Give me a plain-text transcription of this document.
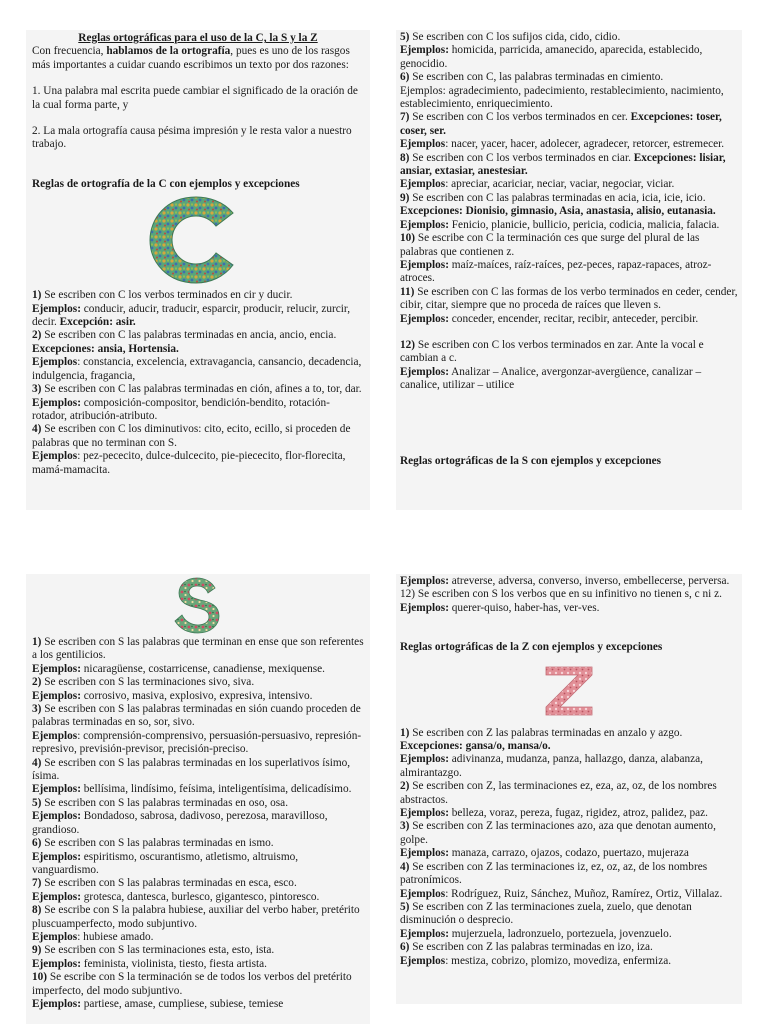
Reglas ortográficas para el uso de la C, la S y la Z

Con frecuencia, hablamos de la ortografía, pues es uno de los rasgos más importantes a cuidar cuando escribimos un texto por dos razones:

1. Una palabra mal escrita puede cambiar el significado de la oración de la cual forma parte, y

2. La mala ortografía causa pésima impresión y le resta valor a nuestro trabajo.

Reglas de ortografía de la C con ejemplos y excepciones

1) Se escriben con C los verbos terminados en cir y ducir.

Ejemplos: conducir, aducir, traducir, esparcir, producir, relucir, zurcir, decir. Excepción: asir.

2) Se escriben con C las palabras terminadas en ancia, ancio, encia. Excepciones: ansia, Hortensia.

Ejemplos: constancia, excelencia, extravagancia, cansancio, decadencia, indulgencia, fragancia,

3) Se escriben con C las palabras terminadas en ción, afines a to, tor, dar.

Ejemplos: composición-compositor, bendición-bendito, rotación-rotador, atribución-atributo.

4) Se escriben con C los diminutivos: cito, ecito, ecillo, si proceden de palabras que no terminan con S.

Ejemplos: pez-pececito, dulce-dulcecito, pie-piececito, flor-florecita, mamá-mamacita.

5) Se escriben con C los sufijos cida, cido, cidio.

Ejemplos: homicida, parricida, amanecido, aparecida, establecido, genocidio.

6) Se escriben con C, las palabras terminadas en cimiento.

Ejemplos: agradecimiento, padecimiento, restablecimiento, nacimiento, establecimiento, enriquecimiento.

7) Se escriben con C los verbos terminados en cer. Excepciones: toser, coser, ser.

Ejemplos: nacer, yacer, hacer, adolecer, agradecer, retorcer, estremecer.

8) Se escriben con C los verbos terminados en ciar. Excepciones: lisiar, ansiar, extasiar, anestesiar.

Ejemplos: apreciar, acariciar, neciar, vaciar, negociar, viciar.

9) Se escriben con C las palabras terminadas en acia, icia, icie, icio. Excepciones: Dionisio, gimnasio, Asia, anastasia, alisio, eutanasia.

Ejemplos: Fenicio, planicie, bullicio, pericia, codicia, malicia, falacia.

10) Se escribe con C la terminación ces que surge del plural de las palabras que contienen z.

Ejemplos: maíz-maíces, raíz-raíces, pez-peces, rapaz-rapaces, atroz-atroces.

11) Se escriben con C las formas de los verbo terminados en ceder, cender, cibir, citar, siempre que no proceda de raíces que lleven s.

Ejemplos: conceder, encender, recitar, recibir, anteceder, percibir.

12) Se escriben con C los verbos terminados en zar. Ante la vocal e cambian a c.

Ejemplos: Analizar – Analice, avergonzar-avergüence, canalizar – canalice, utilizar – utilice

Reglas ortográficas de la S con ejemplos y excepciones

1) Se escriben con S las palabras que terminan en ense que son referentes a los gentilicios.

Ejemplos: nicaragüense, costarricense, canadiense, mexiquense.

2) Se escriben con S las terminaciones sivo, siva.

Ejemplos: corrosivo, masiva, explosivo, expresiva, intensivo.

3) Se escriben con S las palabras terminadas en sión cuando proceden de palabras terminadas en so, sor, sivo.

Ejemplos: comprensión-comprensivo, persuasión-persuasivo, represión-represivo, previsión-previsor, precisión-preciso.

4) Se escriben con S las palabras terminadas en los superlativos ísimo, ísima.

Ejemplos: bellísima, lindísimo, feísima, inteligentísima, delicadísimo.

5) Se escriben con S las palabras terminadas en oso, osa.

Ejemplos: Bondadoso, sabrosa, dadivoso, perezosa, maravilloso, grandioso.

6) Se escriben con S las palabras terminadas en ismo.

Ejemplos: espiritismo, oscurantismo, atletismo, altruismo, vanguardismo.

7) Se escriben con S las palabras terminadas en esca, esco.

Ejemplos: grotesca, dantesca, burlesco, gigantesco, pintoresco.

8) Se escribe con S la palabra hubiese, auxiliar del verbo haber, pretérito pluscuamperfecto, modo subjuntivo.

Ejemplos: hubiese amado.

9) Se escriben con S las terminaciones esta, esto, ista.

Ejemplos: feminista, violinista, tiesto, fiesta artista.

10) Se escribe con S la terminación se de todos los verbos del pretérito imperfecto, del modo subjuntivo.

Ejemplos: partiese, amase, cumpliese, subiese, temiese

Ejemplos: atreverse, adversa, converso, inverso, embellecerse, perversa.

12) Se escriben con S los verbos que en su infinitivo no tienen s, c ni z. Ejemplos: querer-quiso, haber-has, ver-ves.

Reglas ortográficas de la Z con ejemplos y excepciones

1) Se escriben con Z las palabras terminadas en anzalo y azgo. Excepciones: gansa/o, mansa/o.

Ejemplos: adivinanza, mudanza, panza, hallazgo, danza, alabanza, almirantazgo.

2) Se escriben con Z, las terminaciones ez, eza, az, oz, de los nombres abstractos.

Ejemplos: belleza, voraz, pereza, fugaz, rigidez, atroz, palidez, paz.

3) Se escriben con Z las terminaciones azo, aza que denotan aumento, golpe.

Ejemplos: manaza, carrazo, ojazos, codazo, puertazo, mujeraza

4) Se escriben con Z las terminaciones iz, ez, oz, az, de los nombres patronímicos.

Ejemplos: Rodríguez, Ruiz, Sánchez, Muñoz, Ramírez, Ortiz, Villalaz.

5) Se escriben con Z las terminaciones zuela, zuelo, que denotan disminución o desprecio.

Ejemplos: mujerzuela, ladronzuelo, portezuela, jovenzuelo.

6) Se escriben con Z las palabras terminadas en izo, iza.

Ejemplos: mestiza, cobrizo, plomizo, movediza, enfermiza.
